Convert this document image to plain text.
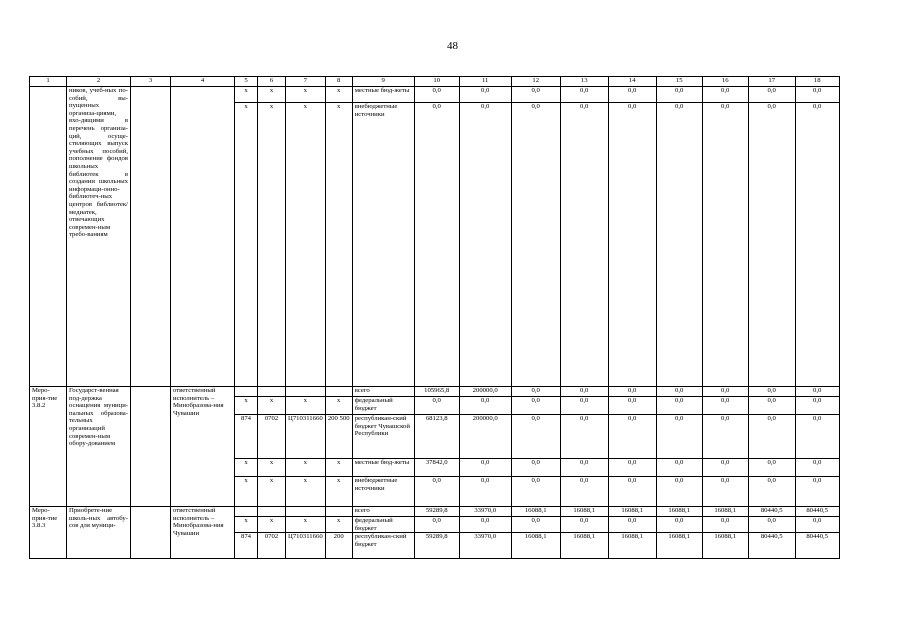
48
1	2	3	4	5	6	7	8	9	10	11	12	13	14	15	16	17	18
	ников, учеб-ных по-собий, вы-пущенных организа-циями, вхо-дящими в перечень организа-ций, осуще-ствляющих выпуск учебных пособий, пополнение фондов школьных библиотек в создании школьных информаци-онно-библиотеч-ных центров библиотек/медиатек, отвечающих современ-ным требо-ваниям			x	x	x	x	местные бюд-жеты	0,0	0,0	0,0	0,0	0,0	0,0	0,0	0,0	0,0
				x	x	x	x	внебюджетные источники	0,0	0,0	0,0	0,0	0,0	0,0	0,0	0,0	0,0
Меро-прия-тие 3.8.2	Государст-венная под-держка оснащения муници-пальных образова-тельных организаций современ-ным обору-дованием		ответственный исполнитель – Минобразова-ния Чувашии					всего	105965,8	200000,0	0,0	0,0	0,0	0,0	0,0	0,0	0,0
				x	x	x	x	федеральный бюджет	0,0	0,0	0,0	0,0	0,0	0,0	0,0	0,0	0,0
				874	0702	Ц710311660	200 500	республикан-ский бюджет Чувашской Республики	68123,8	200000,0	0,0	0,0	0,0	0,0	0,0	0,0	0,0
				x	x	x	x	местные бюд-жеты	37842,0	0,0	0,0	0,0	0,0	0,0	0,0	0,0	0,0
				x	x	x	x	внебюджетные источники	0,0	0,0	0,0	0,0	0,0	0,0	0,0	0,0	0,0
Меро-прия-тие 3.8.3	Приобрете-ние школь-ных автобу-сов для муници-		ответственный исполнитель – Минобразова-ния Чувашии					всего	59289,8	33970,0	16088,1	16088,1	16088,1	16088,1	16088,1	80440,5	80440,5
				x	x	x	x	федеральный бюджет	0,0	0,0	0,0	0,0	0,0	0,0	0,0	0,0	0,0
				874	0702	Ц710311660	200	республикан-ский бюджет	59289,8	33970,0	16088,1	16088,1	16088,1	16088,1	16088,1	80440,5	80440,5
